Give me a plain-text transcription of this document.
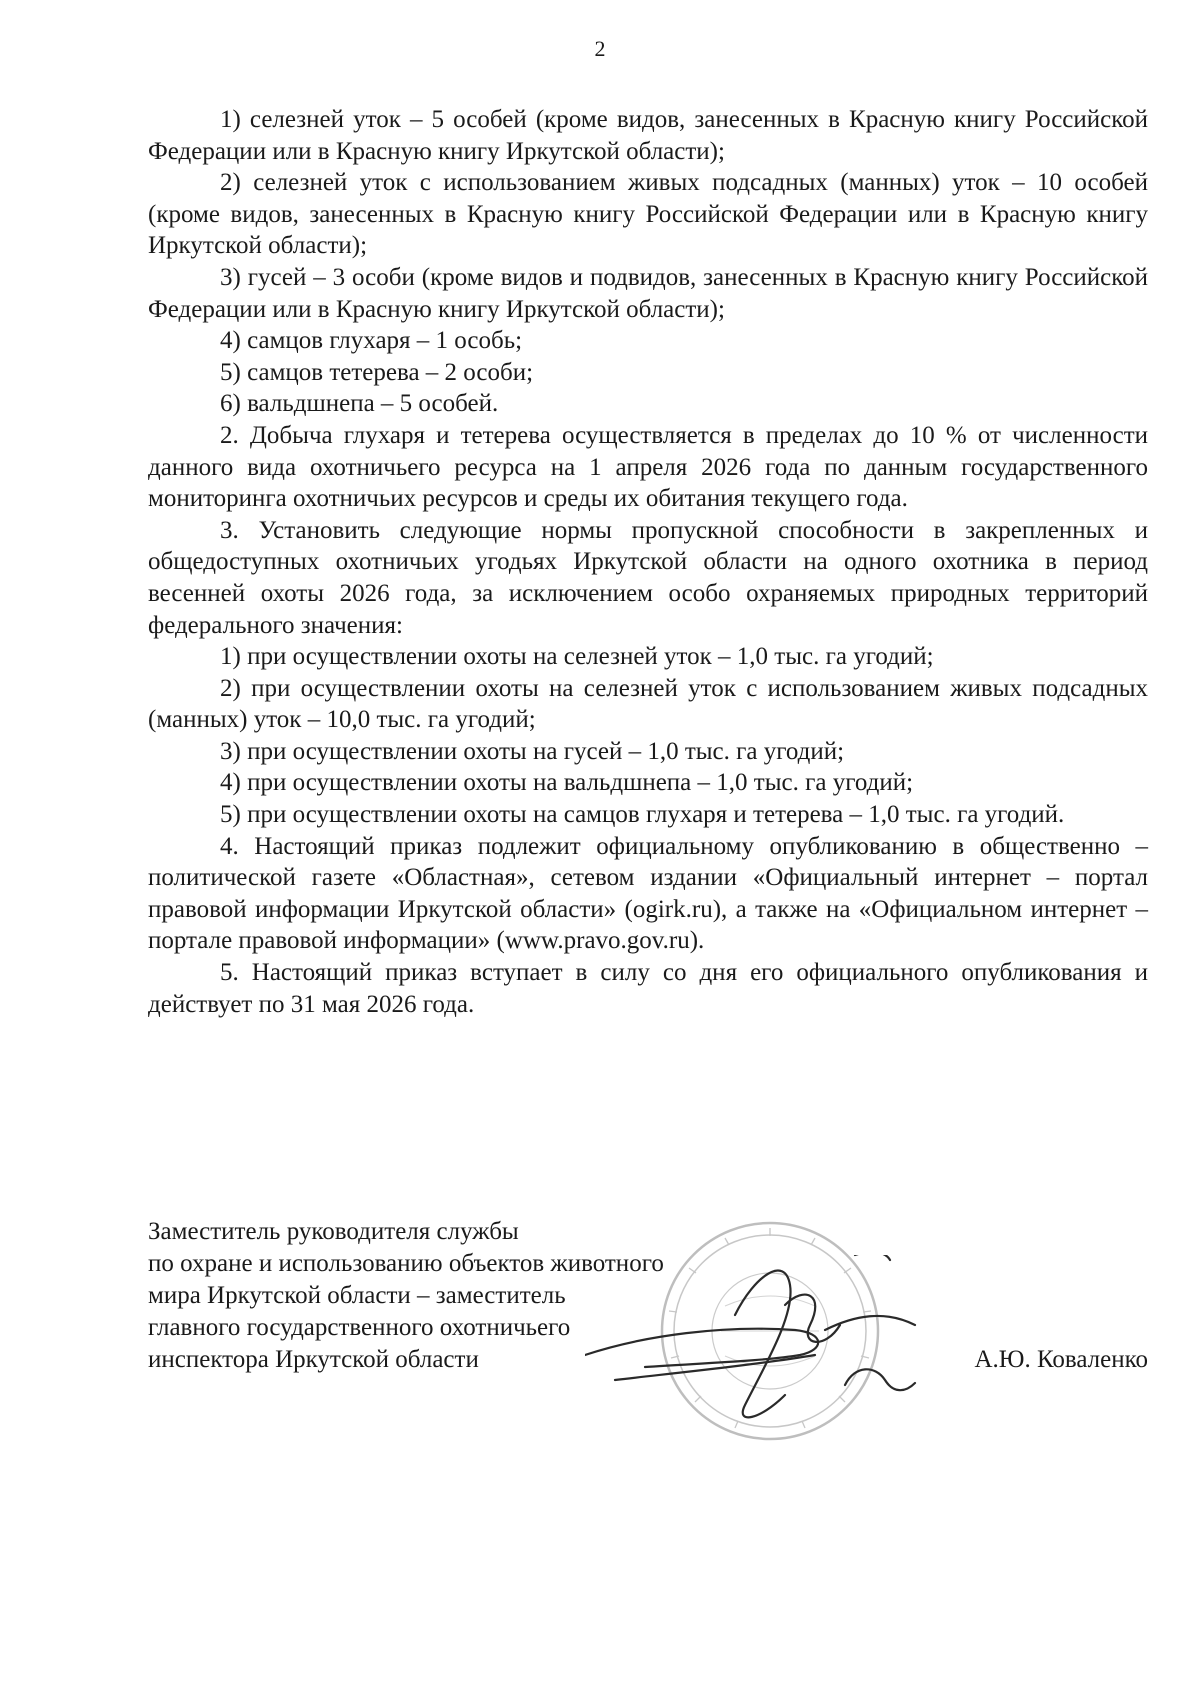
2

1) селезней уток – 5 особей (кроме видов, занесенных в Красную книгу Российской Федерации или в Красную книгу Иркутской области);

2) селезней уток с использованием живых подсадных (манных) уток – 10 особей (кроме видов, занесенных в Красную книгу Российской Федерации или в Красную книгу Иркутской области);

3) гусей – 3 особи (кроме видов и подвидов, занесенных в Красную книгу Российской Федерации или в Красную книгу Иркутской области);

4) самцов глухаря – 1 особь;

5) самцов тетерева – 2 особи;

6) вальдшнепа – 5 особей.

2. Добыча глухаря и тетерева осуществляется в пределах до 10 % от численности данного вида охотничьего ресурса на 1 апреля 2026 года по данным государственного мониторинга охотничьих ресурсов и среды их обитания текущего года.

3. Установить следующие нормы пропускной способности в закрепленных и общедоступных охотничьих угодьях Иркутской области на одного охотника в период весенней охоты 2026 года, за исключением особо охраняемых природных территорий федерального значения:

1) при осуществлении охоты на селезней уток – 1,0 тыс. га угодий;

2) при осуществлении охоты на селезней уток с использованием живых подсадных (манных) уток – 10,0 тыс. га угодий;

3) при осуществлении охоты на гусей – 1,0 тыс. га угодий;

4) при осуществлении охоты на вальдшнепа – 1,0 тыс. га угодий;

5) при осуществлении охоты на самцов глухаря и тетерева – 1,0 тыс. га угодий.

4. Настоящий приказ подлежит официальному опубликованию в общественно – политической газете «Областная», сетевом издании «Официальный интернет – портал правовой информации Иркутской области» (ogirk.ru), а также на «Официальном интернет – портале правовой информации» (www.pravo.gov.ru).

5. Настоящий приказ вступает в силу со дня его официального опубликования и действует по 31 мая 2026 года.

Заместитель руководителя службы
по охране и использованию объектов животного
мира Иркутской области – заместитель
главного государственного охотничьего
инспектора Иркутской области	А.Ю. Коваленко
